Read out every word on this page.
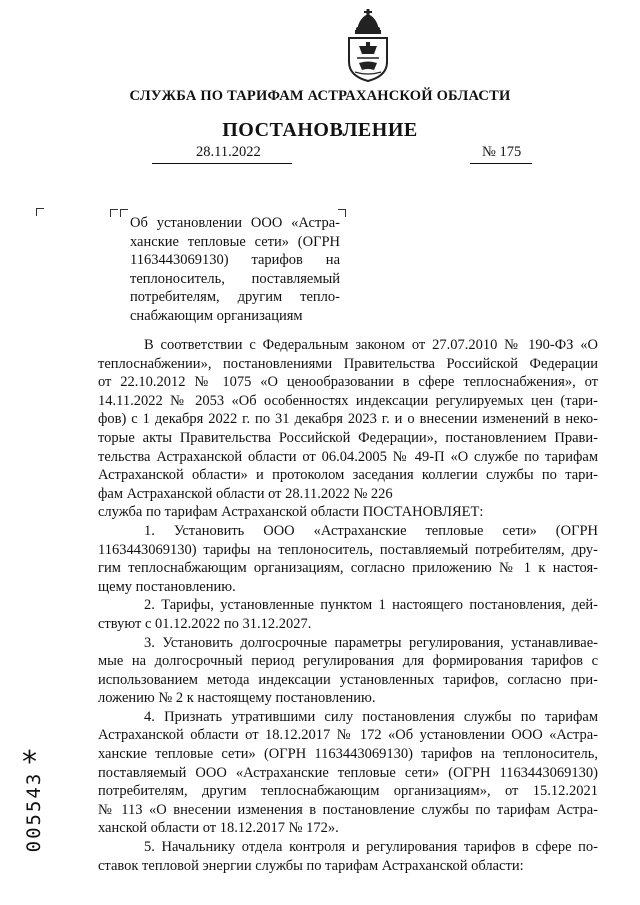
СЛУЖБА ПО ТАРИФАМ АСТРАХАНСКОЙ ОБЛАСТИ
ПОСТАНОВЛЕНИЕ
28.11.2022	№ 175
Об установлении ООО «Астра-
ханские тепловые сети» (ОГРН
1163443069130) тарифов на
теплоноситель, поставляемый
потребителям, другим тепло-
снабжающим организациям
В соответствии с Федеральным законом от 27.07.2010 № 190-ФЗ «О
теплоснабжении», постановлениями Правительства Российской Федерации
от 22.10.2012 № 1075 «О ценообразовании в сфере теплоснабжения», от
14.11.2022 № 2053 «Об особенностях индексации регулируемых цен (тари-
фов) с 1 декабря 2022 г. по 31 декабря 2023 г. и о внесении изменений в неко-
торые акты Правительства Российской Федерации», постановлением Прави-
тельства Астраханской области от 06.04.2005 № 49-П «О службе по тарифам
Астраханской области» и протоколом заседания коллегии службы по тари-
фам Астраханской области от 28.11.2022 № 226
служба по тарифам Астраханской области ПОСТАНОВЛЯЕТ:
1. Установить ООО «Астраханские тепловые сети» (ОГРН
1163443069130) тарифы на теплоноситель, поставляемый потребителям, дру-
гим теплоснабжающим организациям, согласно приложению № 1 к настоя-
щему постановлению.
2. Тарифы, установленные пунктом 1 настоящего постановления, дей-
ствуют с 01.12.2022 по 31.12.2027.
3. Установить долгосрочные параметры регулирования, устанавливае-
мые на долгосрочный период регулирования для формирования тарифов с
использованием метода индексации установленных тарифов, согласно при-
ложению № 2 к настоящему постановлению.
4. Признать утратившими силу постановления службы по тарифам
Астраханской области от 18.12.2017 № 172 «Об установлении ООО «Астра-
ханские тепловые сети» (ОГРН 1163443069130) тарифов на теплоноситель,
поставляемый ООО «Астраханские тепловые сети» (ОГРН 1163443069130)
потребителям, другим теплоснабжающим организациям», от 15.12.2021
№ 113 «О внесении изменения в постановление службы по тарифам Астра-
ханской области от 18.12.2017 № 172».
5. Начальнику отдела контроля и регулирования тарифов в сфере по-
ставок тепловой энергии службы по тарифам Астраханской области:
*
005543
